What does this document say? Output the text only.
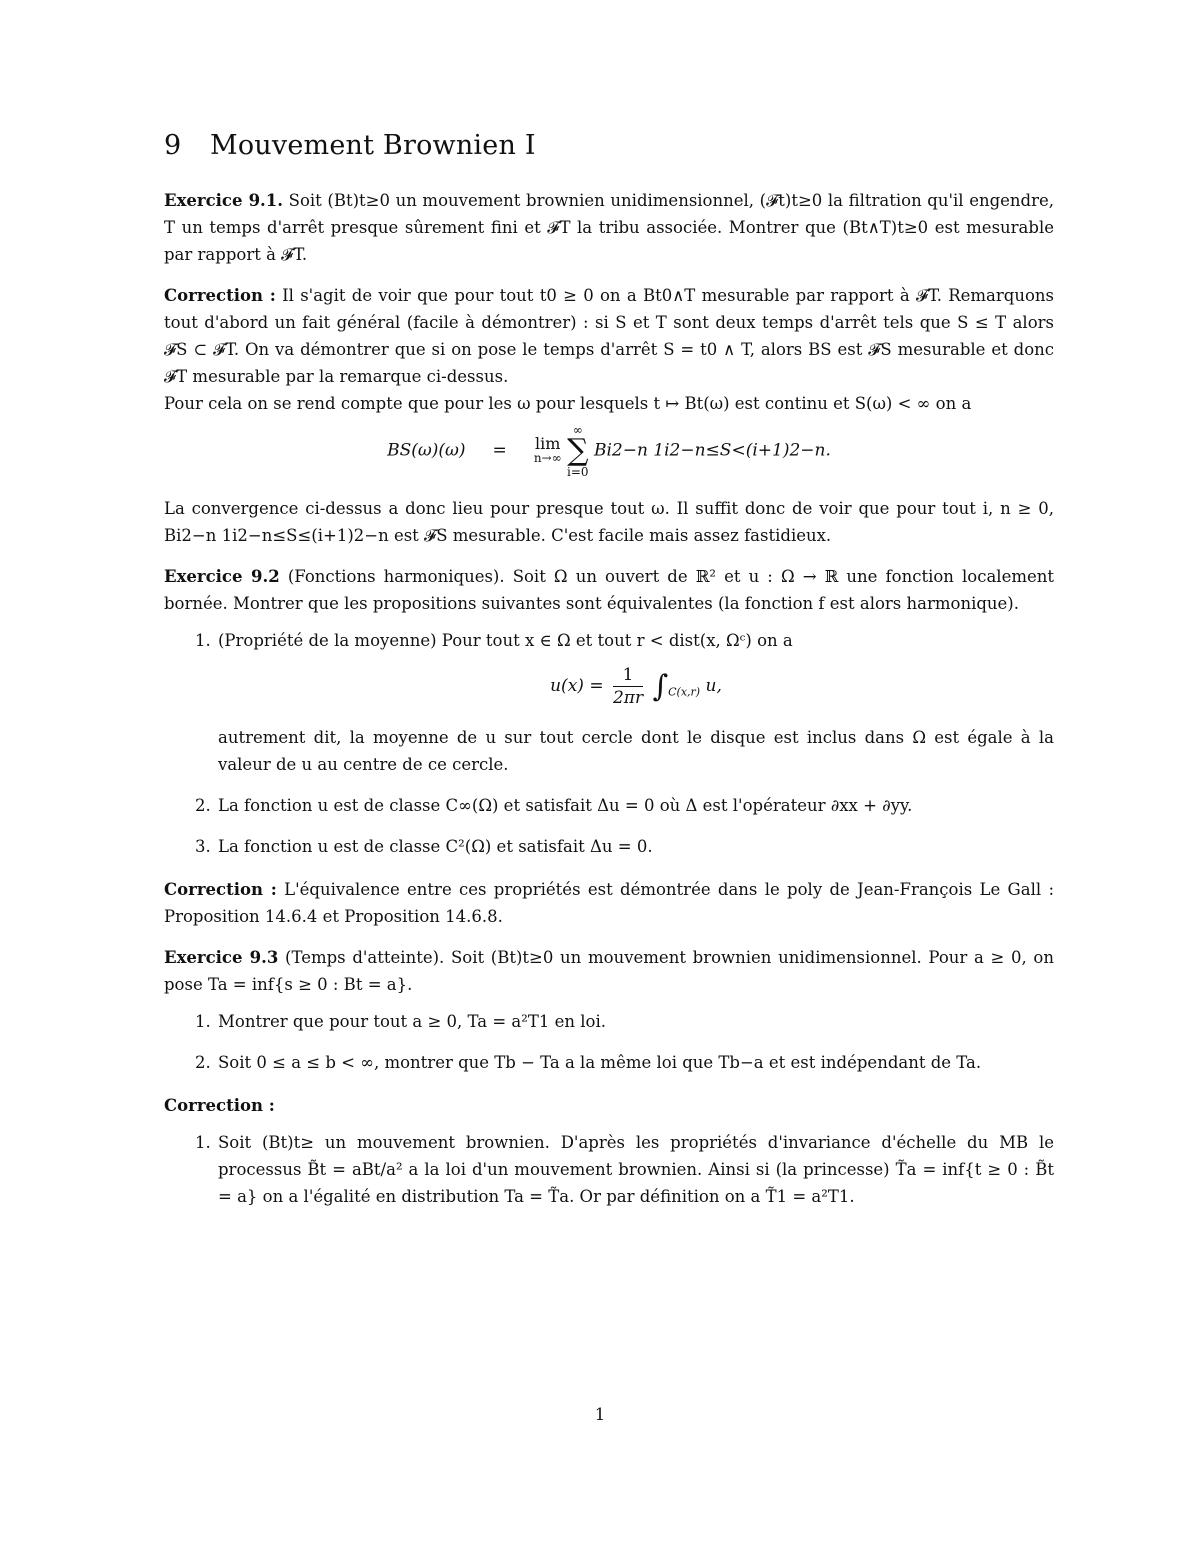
9 Mouvement Brownien I

Exercice 9.1. Soit (Bt)t≥0 un mouvement brownien unidimensionnel, (𝓕t)t≥0 la filtration qu'il engendre, T un temps d'arrêt presque sûrement fini et 𝓕T la tribu associée. Montrer que (Bt∧T)t≥0 est mesurable par rapport à 𝓕T.

Correction : Il s'agit de voir que pour tout t0 ≥ 0 on a Bt0∧T mesurable par rapport à 𝓕T. Remarquons tout d'abord un fait général (facile à démontrer) : si S et T sont deux temps d'arrêt tels que S ≤ T alors 𝓕S ⊂ 𝓕T. On va démontrer que si on pose le temps d'arrêt S = t0 ∧ T, alors BS est 𝓕S mesurable et donc 𝓕T mesurable par la remarque ci-dessus.

Pour cela on se rend compte que pour les ω pour lesquels t ↦ Bt(ω) est continu et S(ω) < ∞ on a

BS(ω)(ω) = lim
n→∞
∞
∑
i=0
Bi2−n 1i2−n≤S<(i+1)2−n.

La convergence ci-dessus a donc lieu pour presque tout ω. Il suffit donc de voir que pour tout i, n ≥ 0, Bi2−n 1i2−n≤S≤(i+1)2−n est 𝓕S mesurable. C'est facile mais assez fastidieux.

Exercice 9.2 (Fonctions harmoniques). Soit Ω un ouvert de ℝ² et u : Ω → ℝ une fonction localement bornée. Montrer que les propositions suivantes sont équivalentes (la fonction f est alors harmonique).

1. (Propriété de la moyenne) Pour tout x ∈ Ω et tout r < dist(x, Ωᶜ) on a
$u(x) = \frac{1}{2\pi r} \int_{C(x,r)}$ u,
autrement dit, la moyenne de u sur tout cercle dont le disque est inclus dans Ω est égale à la valeur de u au centre de ce cercle.
2. La fonction u est de classe C∞(Ω) et satisfait Δu = 0 où Δ est l'opérateur ∂xx + ∂yy.
3. La fonction u est de classe C²(Ω) et satisfait Δu = 0.

Correction : L'équivalence entre ces propriétés est démontrée dans le poly de Jean-François Le Gall : Proposition 14.6.4 et Proposition 14.6.8.

Exercice 9.3 (Temps d'atteinte). Soit (Bt)t≥0 un mouvement brownien unidimensionnel. Pour a ≥ 0, on pose Ta = inf{s ≥ 0 : Bt = a}.

1. Montrer que pour tout a ≥ 0, Ta = a²T1 en loi.
2. Soit 0 ≤ a ≤ b < ∞, montrer que Tb − Ta a la même loi que Tb−a et est indépendant de Ta.

Correction :

1. Soit (Bt)t≥ un mouvement brownien. D'après les propriétés d'invariance d'échelle du MB le processus B̃t = aBt/a² a la loi d'un mouvement brownien. Ainsi si (la princesse) T̃a = inf{t ≥ 0 : B̃t = a} on a l'égalité en distribution Ta = T̃a. Or par définition on a T̃1 = a²T1.
1
